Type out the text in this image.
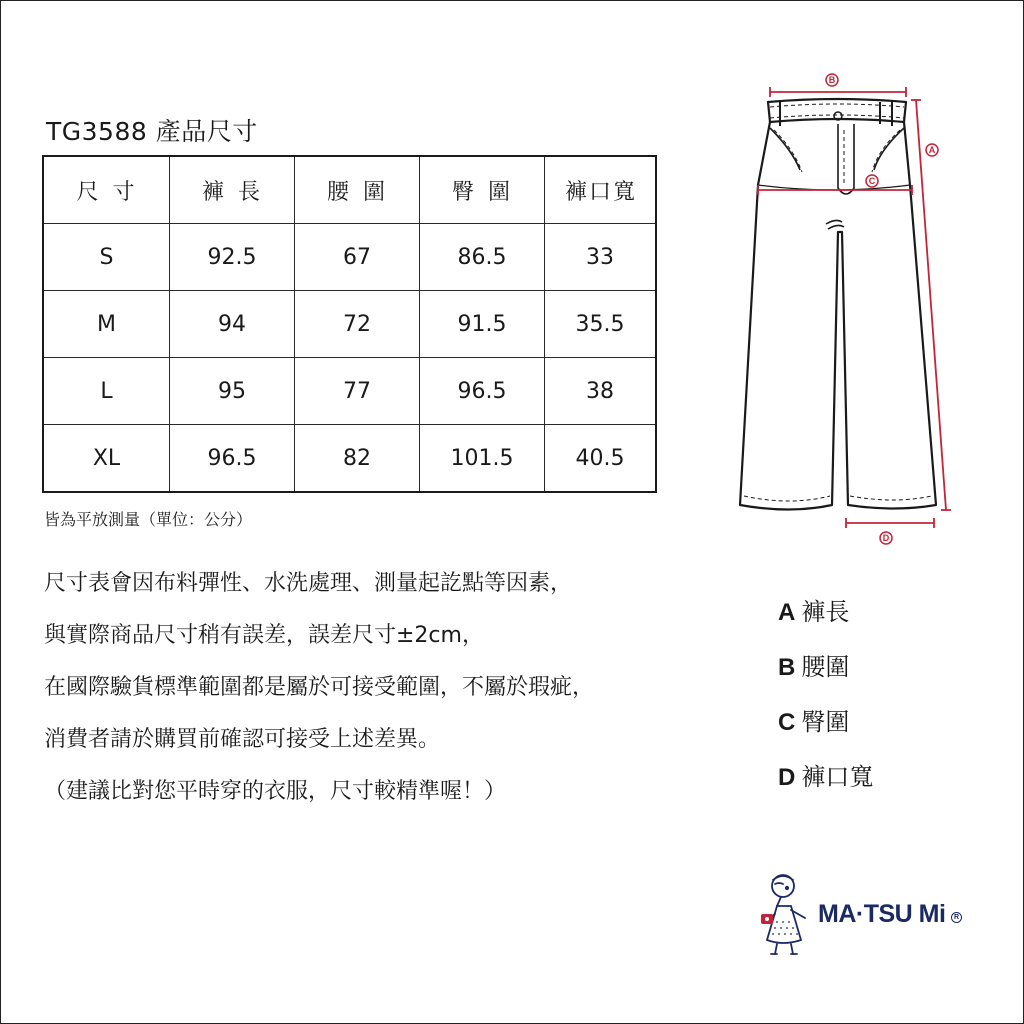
TG3588 產品尺寸
尺寸	褲長	腰圍	臀圍	褲口寬
S	92.5	67	86.5	33
M	94	72	91.5	35.5
L	95	77	96.5	38
XL	96.5	82	101.5	40.5
皆為平放測量（單位：公分）
尺寸表會因布料彈性、水洗處理、測量起訖點等因素，
與實際商品尺寸稍有誤差，誤差尺寸±2cm，
在國際驗貨標準範圍都是屬於可接受範圍，不屬於瑕疵，
消費者請於購買前確認可接受上述差異。
（建議比對您平時穿的衣服，尺寸較精準喔！）
B
A
C
D
A 褲長
B 腰圍
C 臀圍
D 褲口寬
MA·TSU Mi	R
